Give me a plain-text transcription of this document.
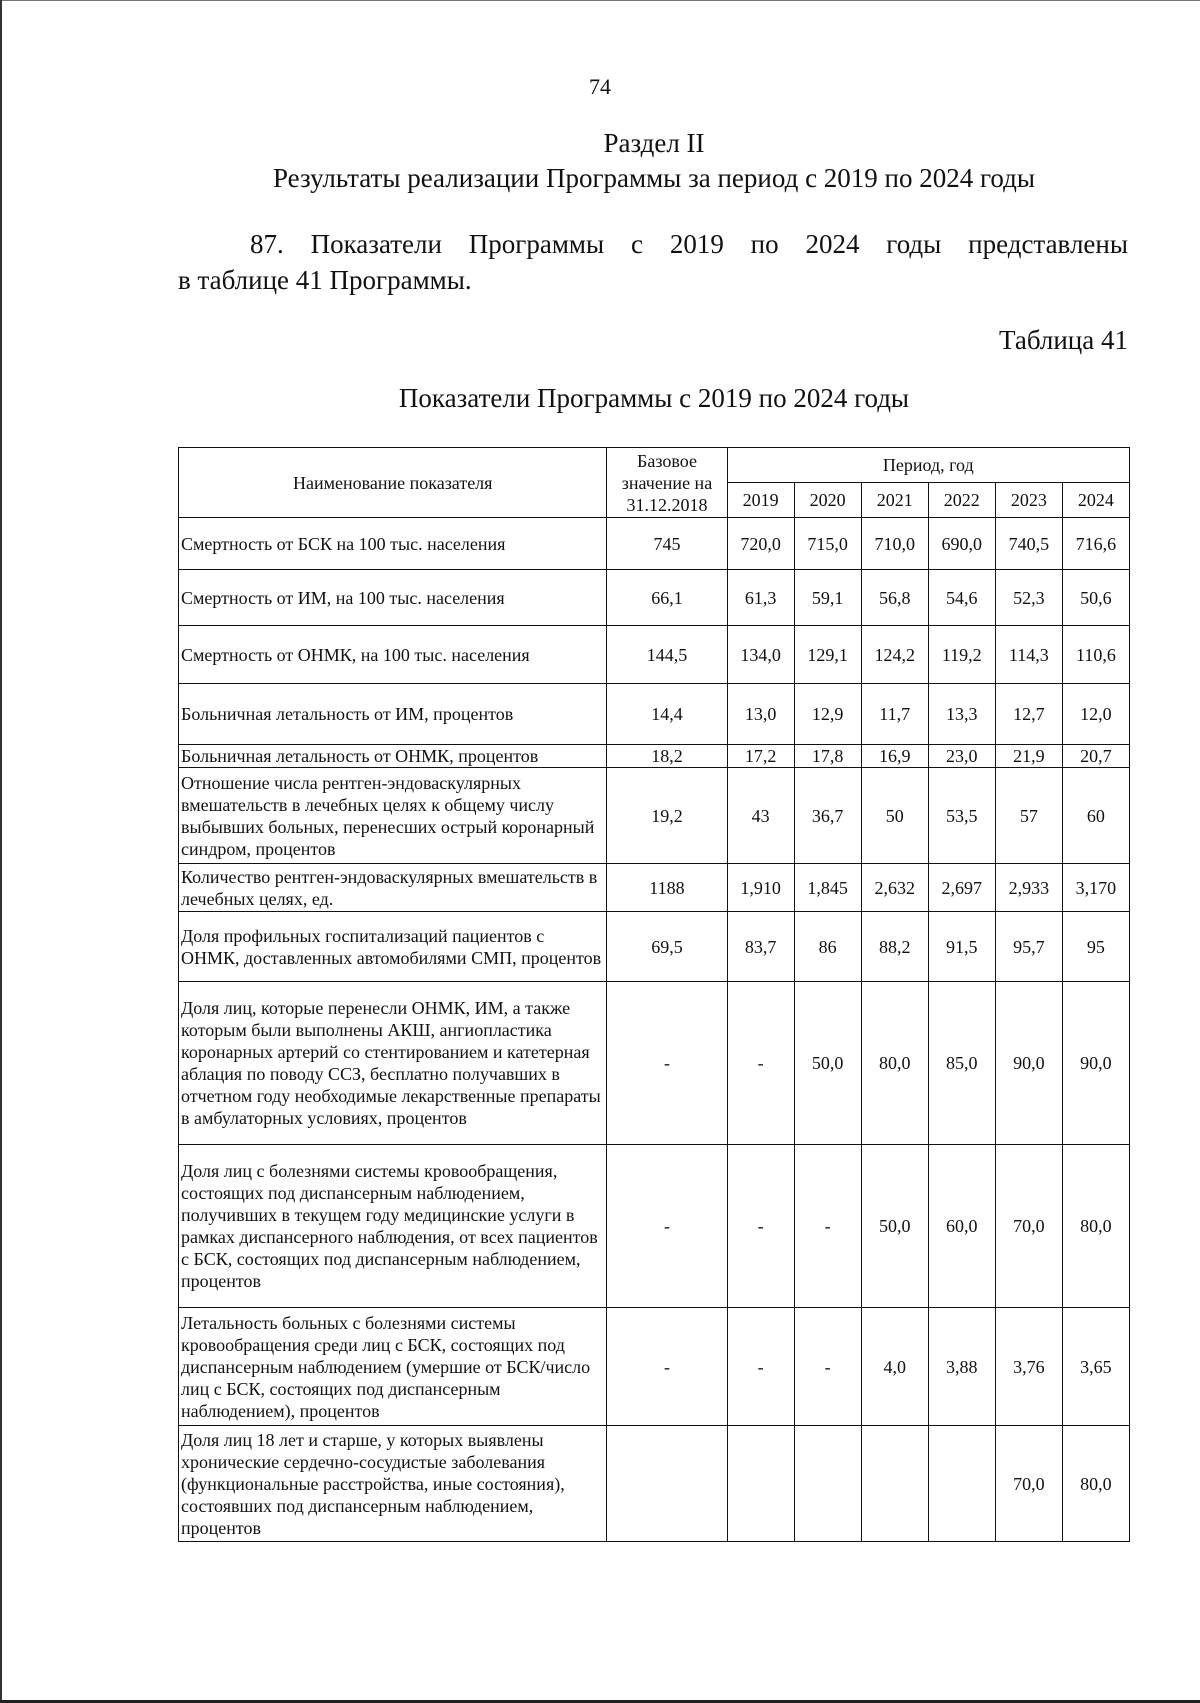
74
Раздел II
Результаты реализации Программы за период с 2019 по 2024 годы
87. Показатели Программы с 2019 по 2024 годы представлены
в таблице 41 Программы.
Таблица 41
Показатели Программы с 2019 по 2024 годы
Наименование показателя	Базовое значение на 31.12.2018	Период, год					
		2019	2020	2021	2022	2023	2024
Смертность от БСК на 100 тыс. населения	745	720,0	715,0	710,0	690,0	740,5	716,6
Смертность от ИМ, на 100 тыс. населения	66,1	61,3	59,1	56,8	54,6	52,3	50,6
Смертность от ОНМК, на 100 тыс. населения	144,5	134,0	129,1	124,2	119,2	114,3	110,6
Больничная летальность от ИМ, процентов	14,4	13,0	12,9	11,7	13,3	12,7	12,0
Больничная летальность от ОНМК, процентов	18,2	17,2	17,8	16,9	23,0	21,9	20,7
Отношение числа рентген-эндоваскулярных вмешательств в лечебных целях к общему числу выбывших больных, перенесших острый коронарный синдром, процентов	19,2	43	36,7	50	53,5	57	60
Количество рентген-эндоваскулярных вмешательств в лечебных целях, ед.	1188	1,910	1,845	2,632	2,697	2,933	3,170
Доля профильных госпитализаций пациентов с ОНМК, доставленных автомобилями СМП, процентов	69,5	83,7	86	88,2	91,5	95,7	95
Доля лиц, которые перенесли ОНМК, ИМ, а также которым были выполнены АКШ, ангиопластика коронарных артерий со стентированием и катетерная аблация по поводу ССЗ, бесплатно получавших в отчетном году необходимые лекарственные препараты в амбулаторных условиях, процентов	-	-	50,0	80,0	85,0	90,0	90,0
Доля лиц с болезнями системы кровообращения, состоящих под диспансерным наблюдением, получивших в текущем году медицинские услуги в рамках диспансерного наблюдения, от всех пациентов с БСК, состоящих под диспансерным наблюдением, процентов	-	-	-	50,0	60,0	70,0	80,0
Летальность больных с болезнями системы кровообращения среди лиц с БСК, состоящих под диспансерным наблюдением (умершие от БСК/число лиц с БСК, состоящих под диспансерным наблюдением), процентов	-	-	-	4,0	3,88	3,76	3,65
Доля лиц 18 лет и старше, у которых выявлены хронические сердечно-сосудистые заболевания (функциональные расстройства, иные состояния), состоявших под диспансерным наблюдением, процентов						70,0	80,0
